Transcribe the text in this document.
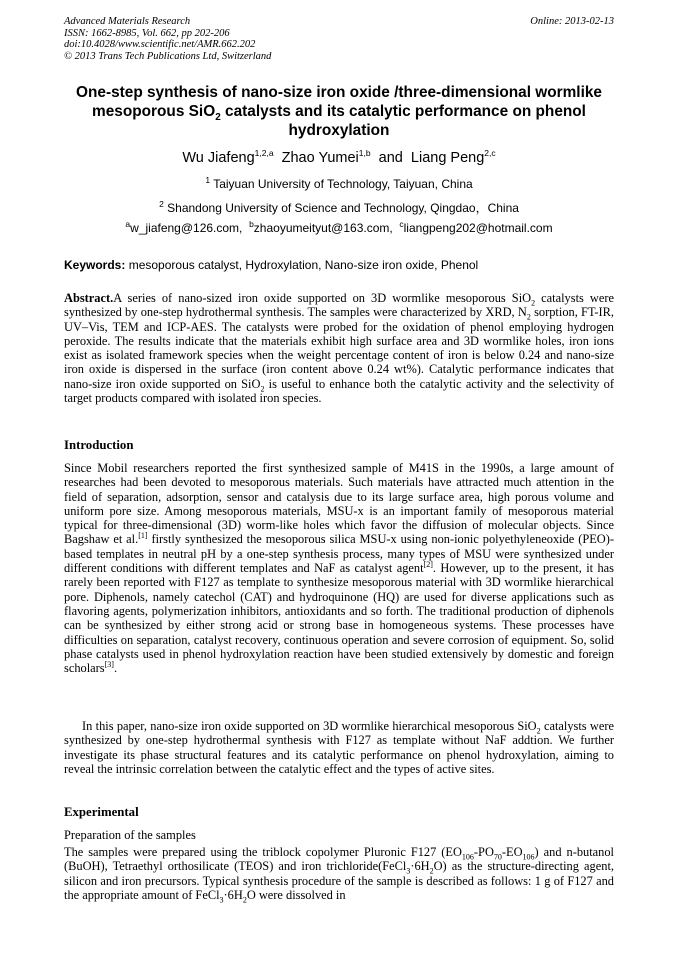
Advanced Materials Research
ISSN: 1662-8985, Vol. 662, pp 202-206
doi:10.4028/www.scientific.net/AMR.662.202
© 2013 Trans Tech Publications Ltd, Switzerland
Online: 2013-02-13
One-step synthesis of nano-size iron oxide /three-dimensional wormlike mesoporous SiO$_2$ catalysts and its catalytic performance on phenol hydroxylation
Wu Jiafeng$^{1,2,a}$ Zhao Yumei$^{1,b}$ and Liang Peng$^{2,c}$
$^1$ Taiyuan University of Technology, Taiyuan, China
$^2$ Shandong University of Science and Technology, Qingdao，China
$^a$w_jiafeng@126.com, $^b$zhaoyumeityut@163.com, $^c$liangpeng202@hotmail.com
Keywords: mesoporous catalyst, Hydroxylation, Nano-size iron oxide, Phenol
Abstract.A series of nano-sized iron oxide supported on 3D wormlike mesoporous SiO$_2$ catalysts were synthesized by one-step hydrothermal synthesis. The samples were characterized by XRD, $N_2$ sorption, FT-IR, UV–Vis, TEM and ICP-AES. The catalysts were probed for the oxidation of phenol employing hydrogen peroxide. The results indicate that the materials exhibit high surface area and 3D wormlike holes, iron ions exist as isolated framework species when the weight percentage content of iron is below 0.24 and nano-size iron oxide is dispersed in the surface (iron content above 0.24 wt%). Catalytic performance indicates that nano-size iron oxide supported on SiO$_2$ is useful to enhance both the catalytic activity and the selectivity of target products compared with isolated iron species.
Introduction
Since Mobil researchers reported the first synthesized sample of M41S in the 1990s, a large amount of researches had been devoted to mesoporous materials. Such materials have attracted much attention in the field of separation, adsorption, sensor and catalysis due to its large surface area, high porous volume and uniform pore size. Among mesoporous materials, MSU-x is an important family of mesoporous material typical for three-dimensional (3D) worm-like holes which favor the diffusion of molecular objects. Since Bagshaw et al.[1] firstly synthesized the mesoporous silica MSU-x using non-ionic polyethyleneoxide (PEO)-based templates in neutral pH by a one-step synthesis process, many types of MSU were synthesized under different conditions with different templates and NaF as catalyst agent[2]. However, up to the present, it has rarely been reported with F127 as template to synthesize mesoporous material with 3D wormlike hierarchical pore. Diphenols, namely catechol (CAT) and hydroquinone (HQ) are used for diverse applications such as flavoring agents, polymerization inhibitors, antioxidants and so forth. The traditional production of diphenols can be synthesized by either strong acid or strong base in homogeneous systems. These processes have difficulties on separation, catalyst recovery, continuous operation and severe corrosion of equipment. So, solid phase catalysts used in phenol hydroxylation reaction have been studied extensively by domestic and foreign scholars[3].
In this paper, nano-size iron oxide supported on 3D wormlike hierarchical mesoporous SiO$_2$ catalysts were synthesized by one-step hydrothermal synthesis with F127 as template without NaF addtion. We further investigate its phase structural features and its catalytic performance on phenol hydroxylation, aiming to reveal the intrinsic correlation between the catalytic effect and the types of active sites.
Experimental
Preparation of the samples
The samples were prepared using the triblock copolymer Pluronic F127 $(EO_{106}-PO_{70}-EO_{106})$ and n-butanol (BuOH), Tetraethyl orthosilicate (TEOS) and iron $trichloride(FeCl_3\cdot 6H_2O)$ as the structure-directing agent, silicon and iron precursors. Typical synthesis procedure of the sample is described as follows: 1 g of F127 and the appropriate amount of $FeCl_3\cdot 6H_2O$ were dissolved in
